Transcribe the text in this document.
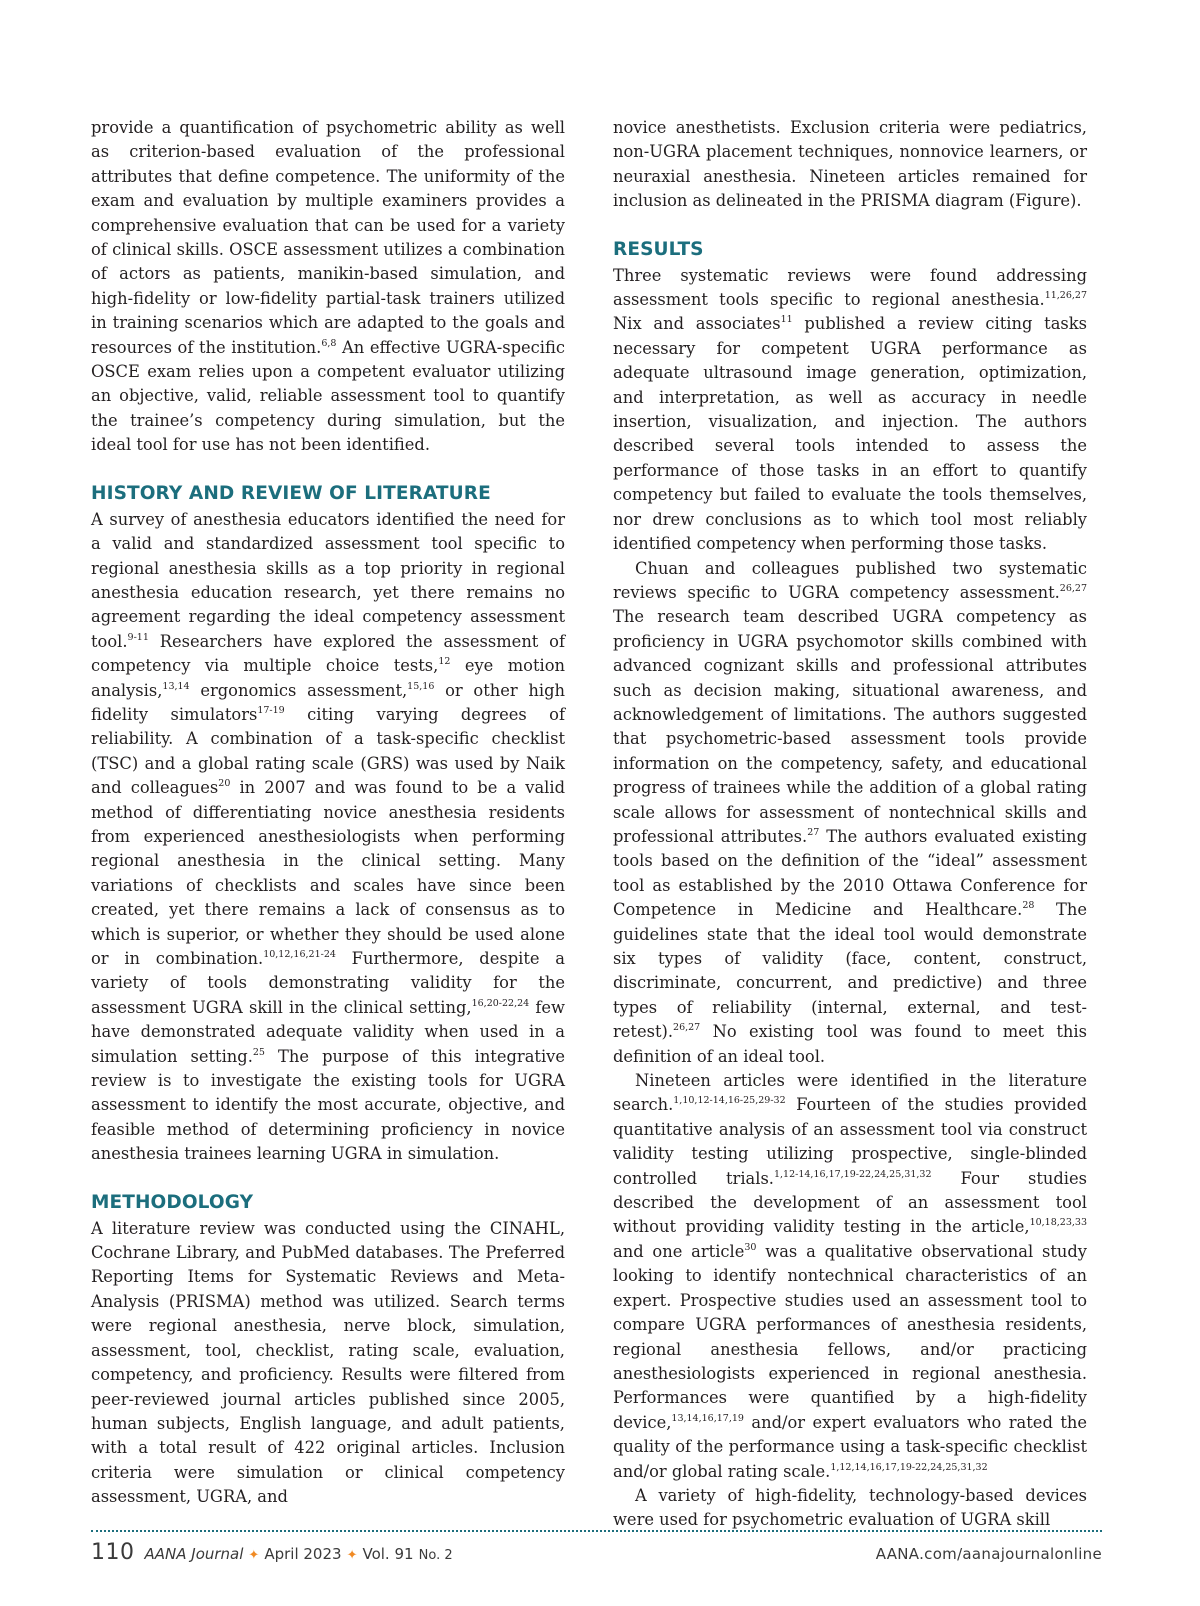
provide a quantification of psychometric ability as well as criterion-based evaluation of the professional attributes that define competence. The uniformity of the exam and evaluation by multiple examiners provides a comprehensive evaluation that can be used for a variety of clinical skills. OSCE assessment utilizes a combination of actors as patients, manikin-based simulation, and high-fidelity or low-fidelity partial-task trainers utilized in training scenarios which are adapted to the goals and resources of the institution.$^{6,8}$ An effective UGRA-specific OSCE exam relies upon a competent evaluator utilizing an objective, valid, reliable assessment tool to quantify the trainee’s competency during simulation, but the ideal tool for use has not been identified.

HISTORY AND REVIEW OF LITERATURE

A survey of anesthesia educators identified the need for a valid and standardized assessment tool specific to regional anesthesia skills as a top priority in regional anesthesia education research, yet there remains no agreement regarding the ideal competency assessment tool.$^{9-11}$ Researchers have explored the assessment of competency via multiple choice tests,$^{12}$ eye motion analysis,$^{13,14}$ ergonomics assessment,$^{15,16}$ or other high fidelity simulators$^{17-19}$ citing varying degrees of reliability. A combination of a task-specific checklist (TSC) and a global rating scale (GRS) was used by Naik and colleagues$^{20}$ in 2007 and was found to be a valid method of differentiating novice anesthesia residents from experienced anesthesiologists when performing regional anesthesia in the clinical setting. Many variations of checklists and scales have since been created, yet there remains a lack of consensus as to which is superior, or whether they should be used alone or in combination.$^{10,12,16,21-24}$ Furthermore, despite a variety of tools demonstrating validity for the assessment UGRA skill in the clinical setting,$^{16,20-22,24}$ few have demonstrated adequate validity when used in a simulation setting.$^{25}$ The purpose of this integrative review is to investigate the existing tools for UGRA assessment to identify the most accurate, objective, and feasible method of determining proficiency in novice anesthesia trainees learning UGRA in simulation.

METHODOLOGY

A literature review was conducted using the CINAHL, Cochrane Library, and PubMed databases. The Preferred Reporting Items for Systematic Reviews and Meta-Analysis (PRISMA) method was utilized. Search terms were regional anesthesia, nerve block, simulation, assessment, tool, checklist, rating scale, evaluation, competency, and proficiency. Results were filtered from peer-reviewed journal articles published since 2005, human subjects, English language, and adult patients, with a total result of 422 original articles. Inclusion criteria were simulation or clinical competency assessment, UGRA, and

novice anesthetists. Exclusion criteria were pediatrics, non-UGRA placement techniques, nonnovice learners, or neuraxial anesthesia. Nineteen articles remained for inclusion as delineated in the PRISMA diagram (Figure).

RESULTS

Three systematic reviews were found addressing assessment tools specific to regional anesthesia.$^{11,26,27}$ Nix and associates$^{11}$ published a review citing tasks necessary for competent UGRA performance as adequate ultrasound image generation, optimization, and interpretation, as well as accuracy in needle insertion, visualization, and injection. The authors described several tools intended to assess the performance of those tasks in an effort to quantify competency but failed to evaluate the tools themselves, nor drew conclusions as to which tool most reliably identified competency when performing those tasks.

Chuan and colleagues published two systematic reviews specific to UGRA competency assessment.$^{26,27}$ The research team described UGRA competency as proficiency in UGRA psychomotor skills combined with advanced cognizant skills and professional attributes such as decision making, situational awareness, and acknowledgement of limitations. The authors suggested that psychometric-based assessment tools provide information on the competency, safety, and educational progress of trainees while the addition of a global rating scale allows for assessment of nontechnical skills and professional attributes.$^{27}$ The authors evaluated existing tools based on the definition of the “ideal” assessment tool as established by the 2010 Ottawa Conference for Competence in Medicine and Healthcare.$^{28}$ The guidelines state that the ideal tool would demonstrate six types of validity (face, content, construct, discriminate, concurrent, and predictive) and three types of reliability (internal, external, and test-retest).$^{26,27}$ No existing tool was found to meet this definition of an ideal tool.

Nineteen articles were identified in the literature search.$^{1,10,12-14,16-25,29-32}$ Fourteen of the studies provided quantitative analysis of an assessment tool via construct validity testing utilizing prospective, single-blinded controlled trials.$^{1,12-14,16,17,19-22,24,25,31,32}$ Four studies described the development of an assessment tool without providing validity testing in the article,$^{10,18,23,33}$ and one article$^{30}$ was a qualitative observational study looking to identify nontechnical characteristics of an expert. Prospective studies used an assessment tool to compare UGRA performances of anesthesia residents, regional anesthesia fellows, and/or practicing anesthesiologists experienced in regional anesthesia. Performances were quantified by a high-fidelity device,$^{13,14,16,17,19}$ and/or expert evaluators who rated the quality of the performance using a task-specific checklist and/or global rating scale.$^{1,12,14,16,17,19-22,24,25,31,32}$

A variety of high-fidelity, technology-based devices were used for psychometric evaluation of UGRA skill

110 AANA Journal ✦ April 2023 ✦ Vol. 91 No. 2	AANA.com/aanajournalonline
